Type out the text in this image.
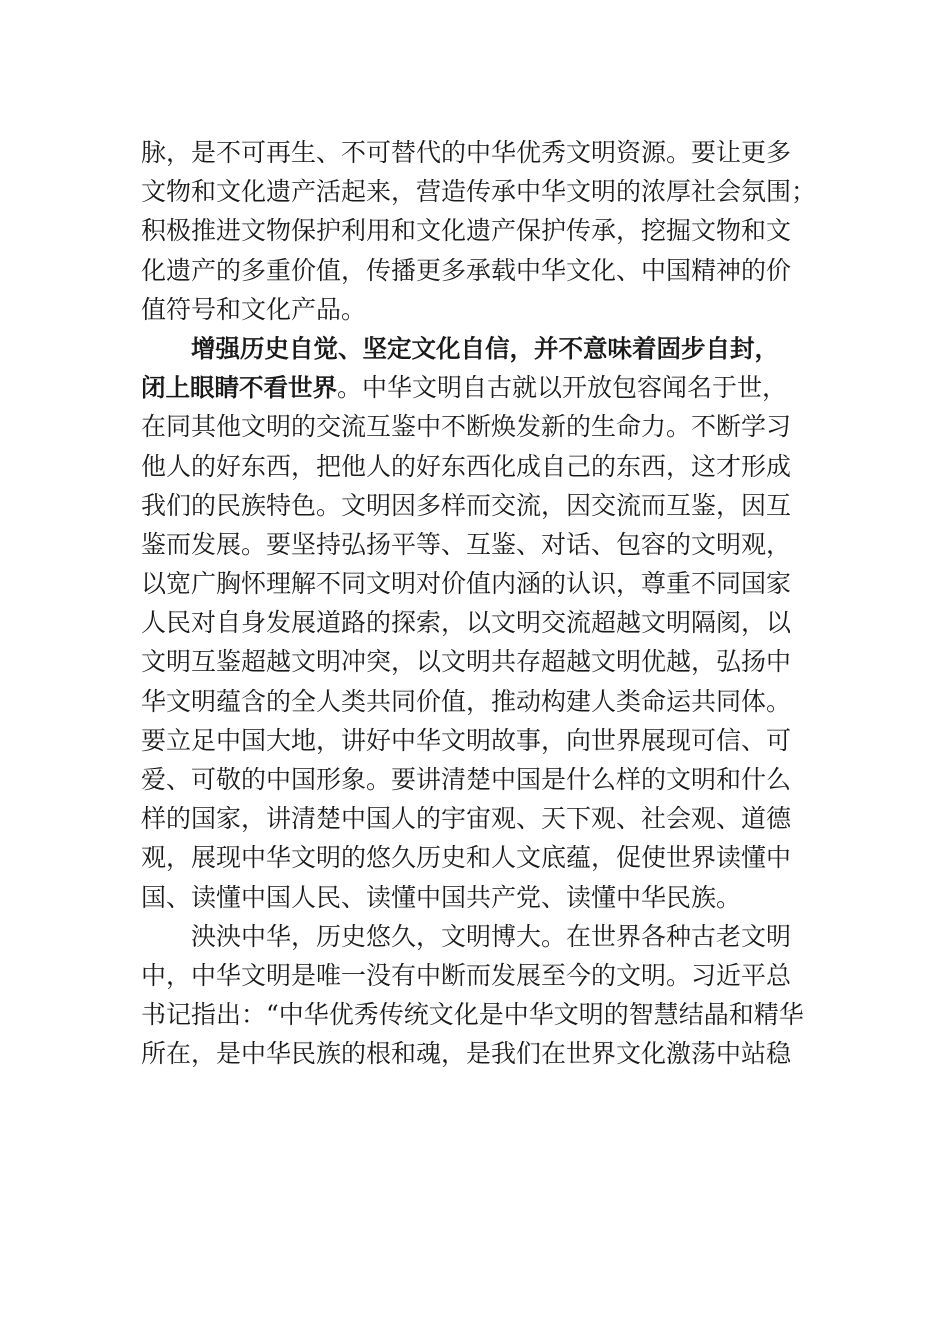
脉，是不可再生、不可替代的中华优秀文明资源。要让更多
文物和文化遗产活起来，营造传承中华文明的浓厚社会氛围；
积极推进文物保护利用和文化遗产保护传承，挖掘文物和文
化遗产的多重价值，传播更多承载中华文化、中国精神的价
值符号和文化产品。
增强历史自觉、坚定文化自信，并不意味着固步自封，
闭上眼睛不看世界。中华文明自古就以开放包容闻名于世，
在同其他文明的交流互鉴中不断焕发新的生命力。不断学习
他人的好东西，把他人的好东西化成自己的东西，这才形成
我们的民族特色。文明因多样而交流，因交流而互鉴，因互
鉴而发展。要坚持弘扬平等、互鉴、对话、包容的文明观，
以宽广胸怀理解不同文明对价值内涵的认识，尊重不同国家
人民对自身发展道路的探索，以文明交流超越文明隔阂，以
文明互鉴超越文明冲突，以文明共存超越文明优越，弘扬中
华文明蕴含的全人类共同价值，推动构建人类命运共同体。
要立足中国大地，讲好中华文明故事，向世界展现可信、可
爱、可敬的中国形象。要讲清楚中国是什么样的文明和什么
样的国家，讲清楚中国人的宇宙观、天下观、社会观、道德
观，展现中华文明的悠久历史和人文底蕴，促使世界读懂中
国、读懂中国人民、读懂中国共产党、读懂中华民族。
泱泱中华，历史悠久，文明博大。在世界各种古老文明
中，中华文明是唯一没有中断而发展至今的文明。习近平总
书记指出：“中华优秀传统文化是中华文明的智慧结晶和精华
所在，是中华民族的根和魂，是我们在世界文化激荡中站稳
